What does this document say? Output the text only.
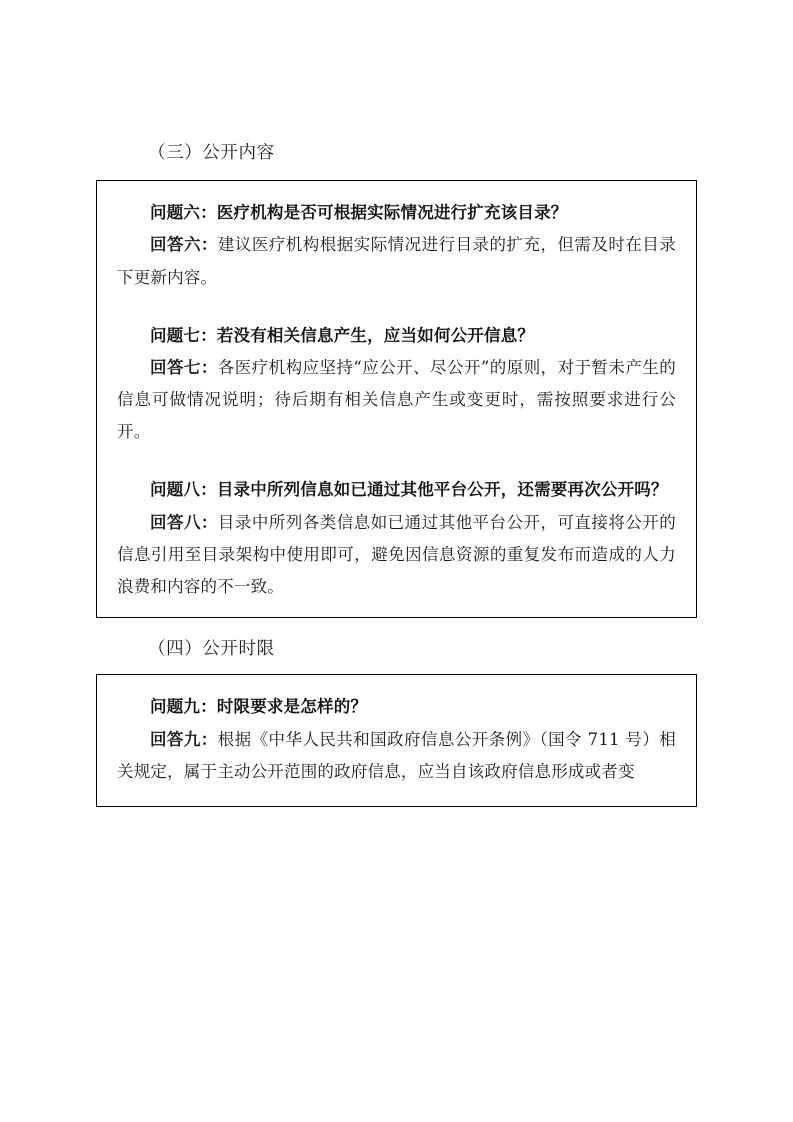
（三）公开内容

问题六：医疗机构是否可根据实际情况进行扩充该目录？

回答六：建议医疗机构根据实际情况进行目录的扩充，但需及时在目录下更新内容。

问题七：若没有相关信息产生，应当如何公开信息？

回答七：各医疗机构应坚持“应公开、尽公开”的原则，对于暂未产生的信息可做情况说明；待后期有相关信息产生或变更时，需按照要求进行公开。

问题八：目录中所列信息如已通过其他平台公开，还需要再次公开吗？

回答八：目录中所列各类信息如已通过其他平台公开，可直接将公开的信息引用至目录架构中使用即可，避免因信息资源的重复发布而造成的人力浪费和内容的不一致。

（四）公开时限

问题九：时限要求是怎样的？

回答九：根据《中华人民共和国政府信息公开条例》（国令 711 号）相关规定，属于主动公开范围的政府信息，应当自该政府信息形成或者变
